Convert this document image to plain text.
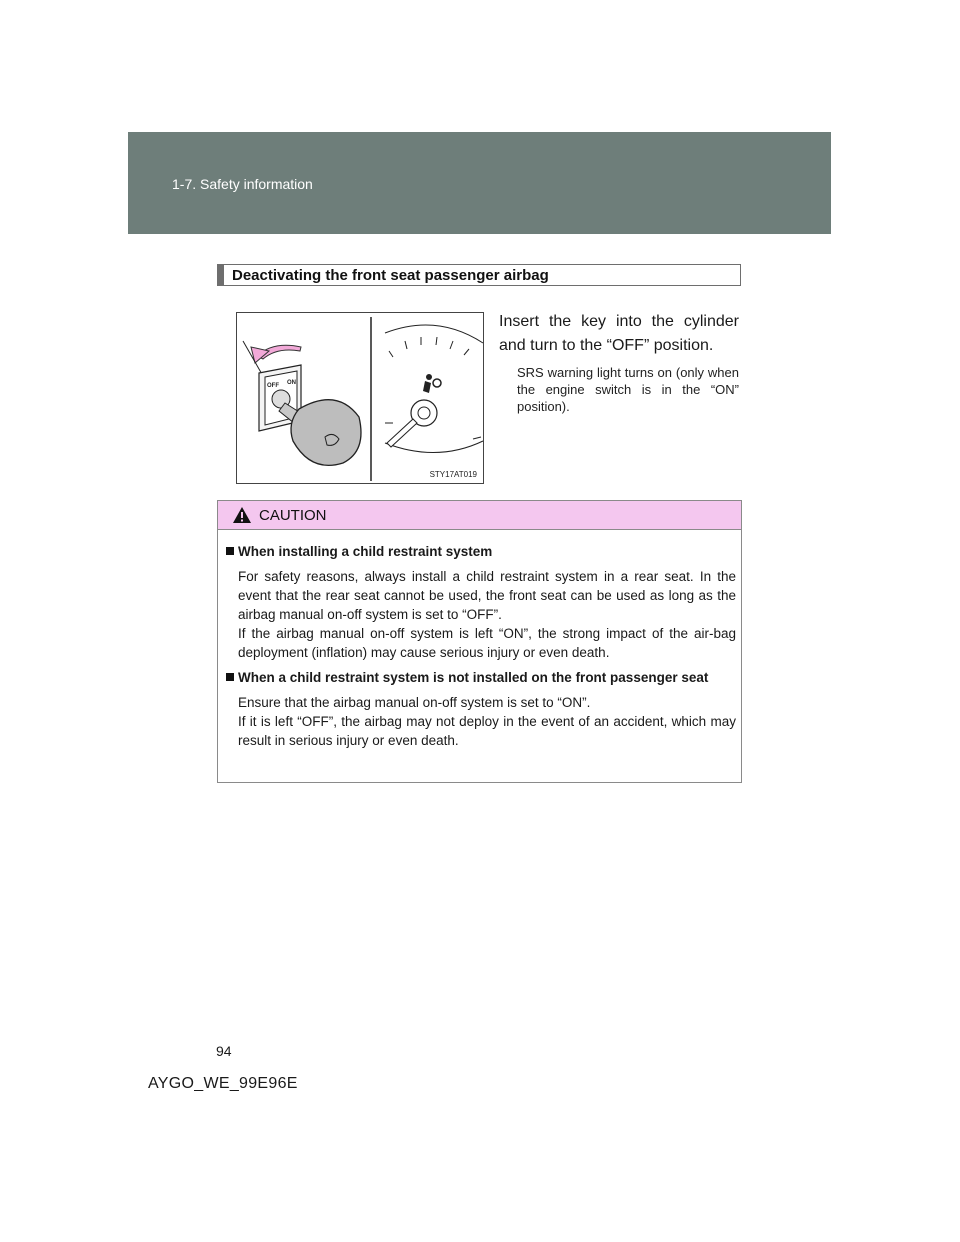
1-7. Safety information
Deactivating the front seat passenger airbag
OFF ON
STY17AT019
Insert the key into the cylinder and turn to the “OFF” position.
SRS warning light turns on (only when the engine switch is in the “ON” position).
CAUTION
When installing a child restraint system
For safety reasons, always install a child restraint system in a rear seat. In the event that the rear seat cannot be used, the front seat can be used as long as the airbag manual on-off system is set to “OFF”.
If the airbag manual on-off system is left “ON”, the strong impact of the air-bag deployment (inflation) may cause serious injury or even death.
When a child restraint system is not installed on the front passenger seat
Ensure that the airbag manual on-off system is set to “ON”.
If it is left “OFF”, the airbag may not deploy in the event of an accident, which may result in serious injury or even death.
94
AYGO_WE_99E96E
